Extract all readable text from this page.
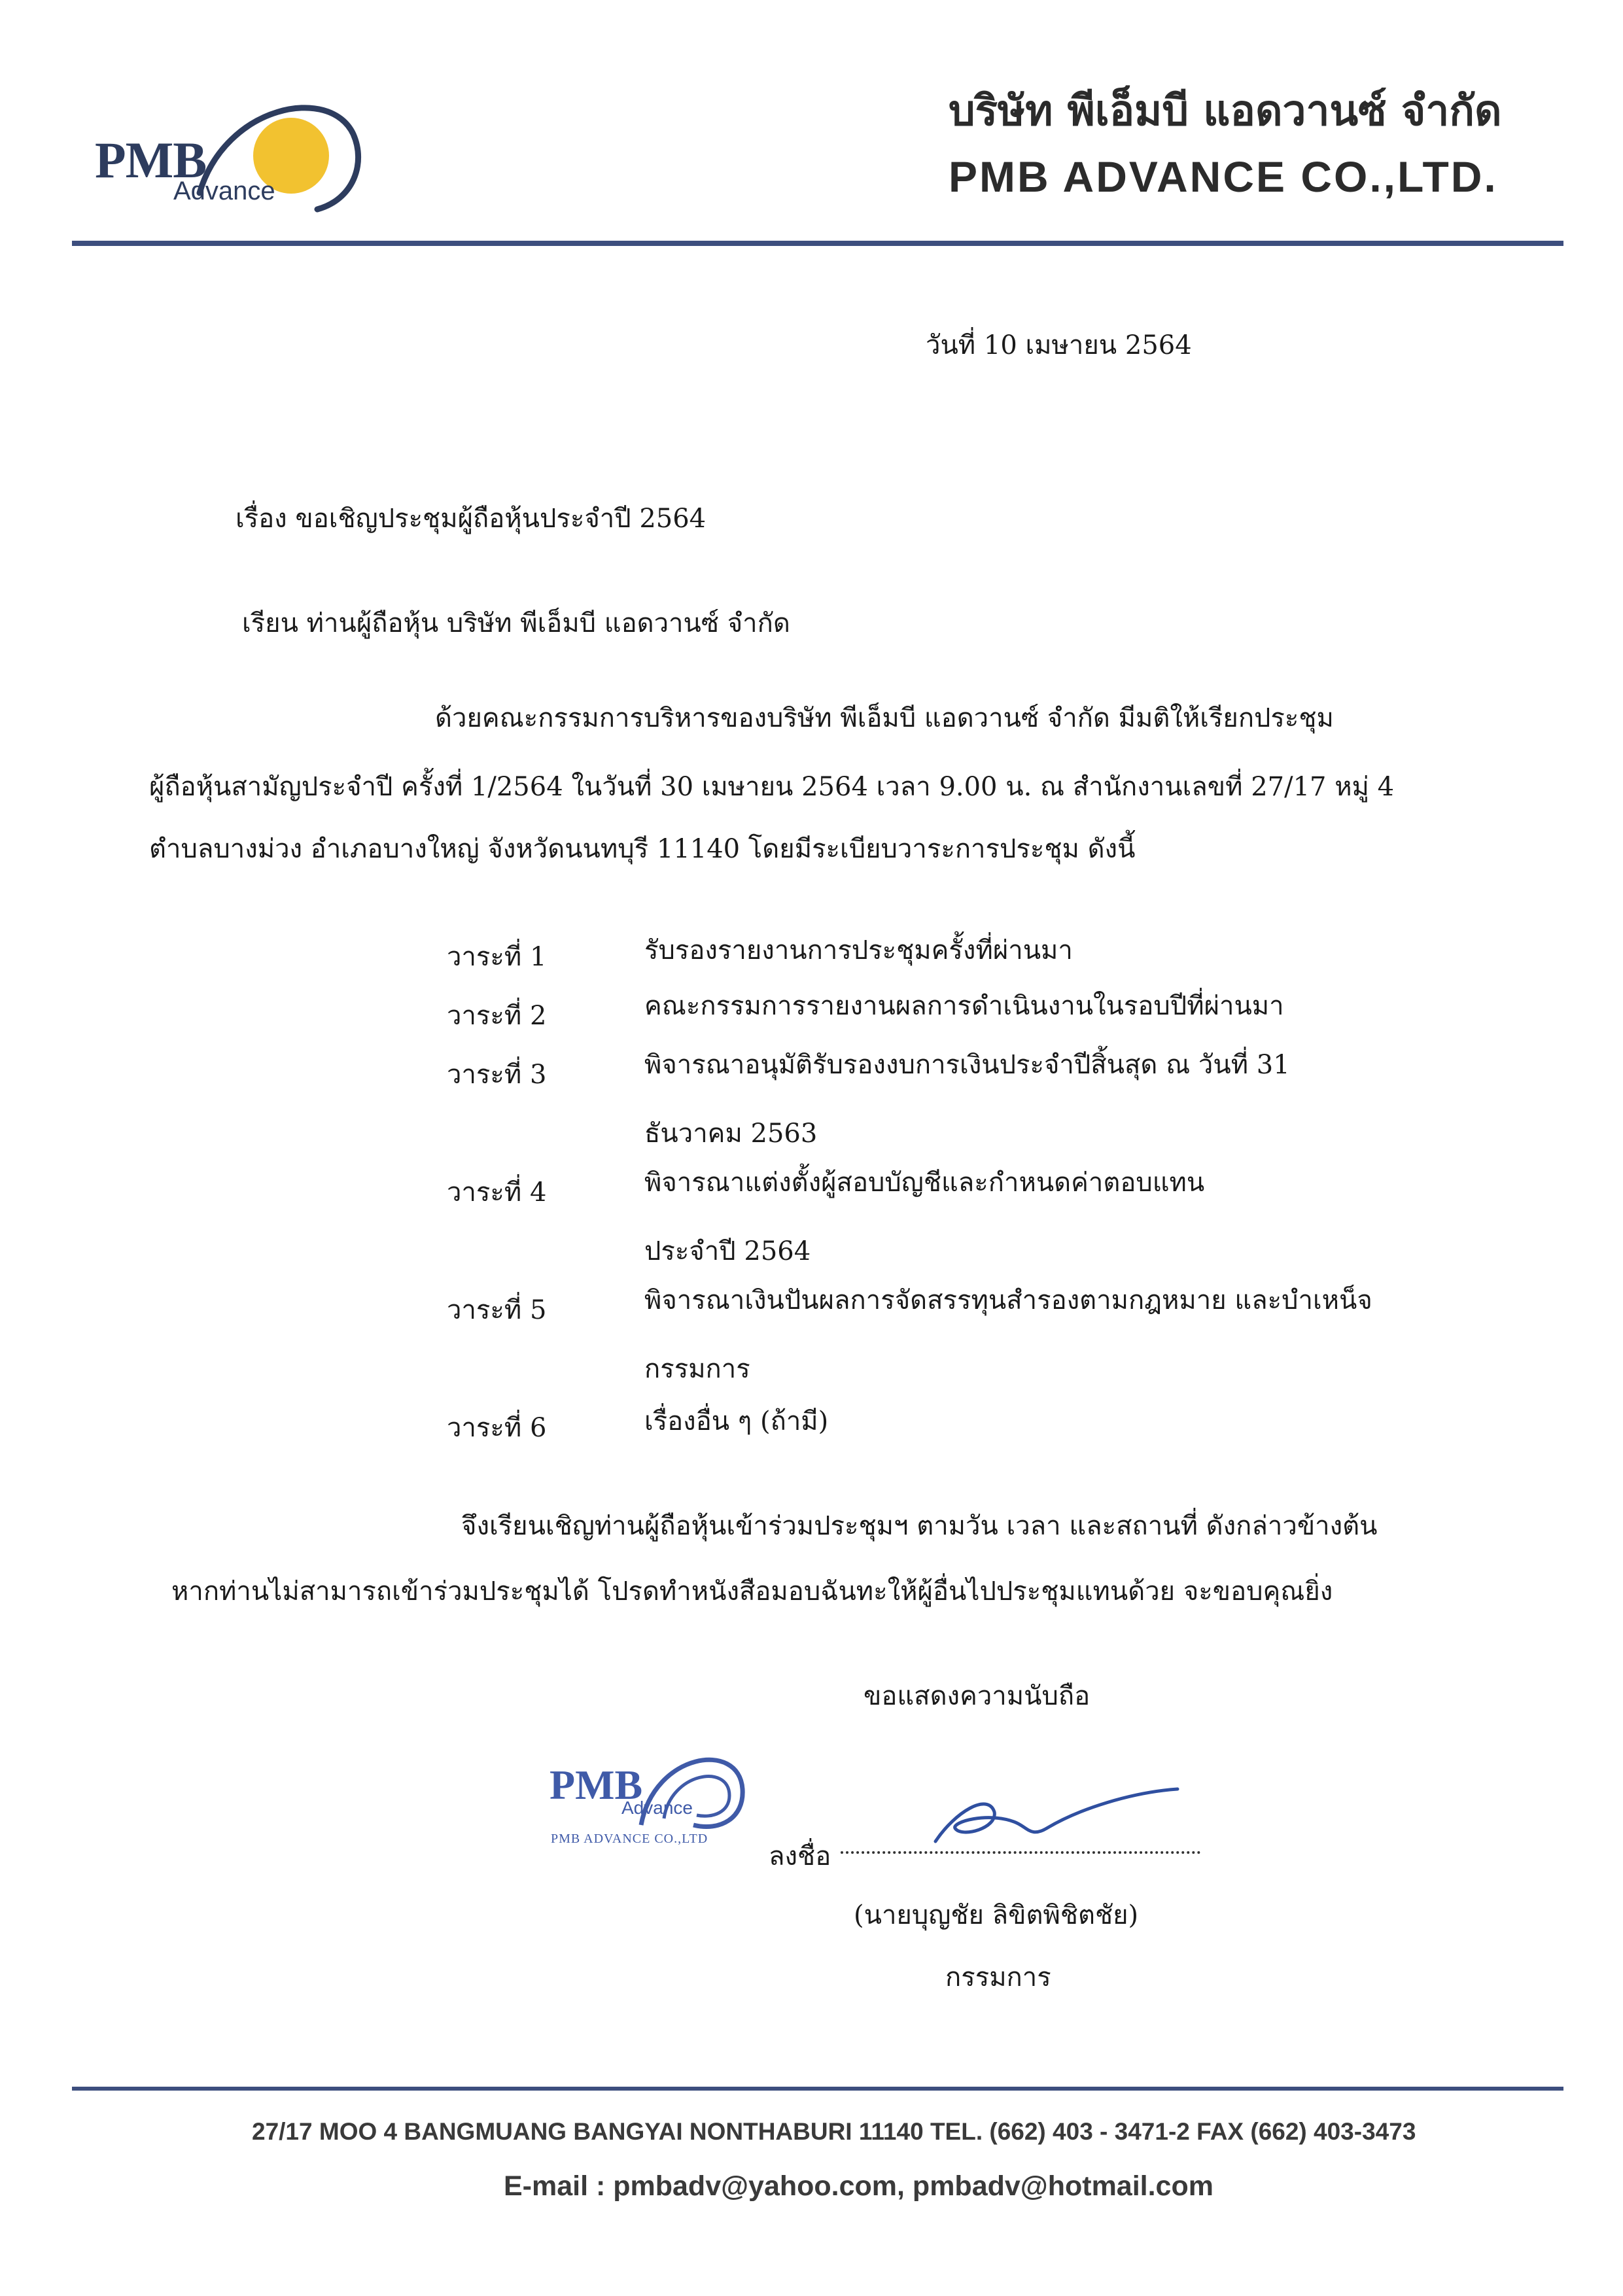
PMB
Advance
บริษัท พีเอ็มบี แอดวานซ์ จำกัด
PMB ADVANCE CO.,LTD.
วันที่ 10 เมษายน 2564
เรื่อง ขอเชิญประชุมผู้ถือหุ้นประจำปี 2564
เรียน ท่านผู้ถือหุ้น บริษัท พีเอ็มบี แอดวานซ์ จำกัด
ด้วยคณะกรรมการบริหารของบริษัท พีเอ็มบี แอดวานซ์ จำกัด มีมติให้เรียกประชุม
ผู้ถือหุ้นสามัญประจำปี ครั้งที่ 1/2564 ในวันที่ 30 เมษายน 2564 เวลา 9.00 น. ณ สำนักงานเลขที่ 27/17 หมู่ 4
ตำบลบางม่วง อำเภอบางใหญ่ จังหวัดนนทบุรี 11140 โดยมีระเบียบวาระการประชุม ดังนี้
วาระที่ 1	รับรองรายงานการประชุมครั้งที่ผ่านมา
วาระที่ 2	คณะกรรมการรายงานผลการดำเนินงานในรอบปีที่ผ่านมา
วาระที่ 3	พิจารณาอนุมัติรับรองงบการเงินประจำปีสิ้นสุด ณ วันที่ 31
ธันวาคม 2563
วาระที่ 4	พิจารณาแต่งตั้งผู้สอบบัญชีและกำหนดค่าตอบแทน
ประจำปี 2564
วาระที่ 5	พิจารณาเงินปันผลการจัดสรรทุนสำรองตามกฎหมาย และบำเหน็จ
กรรมการ
วาระที่ 6	เรื่องอื่น ๆ (ถ้ามี)
จึงเรียนเชิญท่านผู้ถือหุ้นเข้าร่วมประชุมฯ ตามวัน เวลา และสถานที่ ดังกล่าวข้างต้น
หากท่านไม่สามารถเข้าร่วมประชุมได้ โปรดทำหนังสือมอบฉันทะให้ผู้อื่นไปประชุมแทนด้วย จะขอบคุณยิ่ง
ขอแสดงความนับถือ
PMB
Advance
PMB ADVANCE CO.,LTD
ลงชื่อ
(นายบุญชัย ลิขิตพิชิตชัย)
กรรมการ
27/17 MOO 4 BANGMUANG BANGYAI NONTHABURI 11140 TEL. (662) 403 - 3471-2 FAX (662) 403-3473
E-mail : pmbadv@yahoo.com, pmbadv@hotmail.com
